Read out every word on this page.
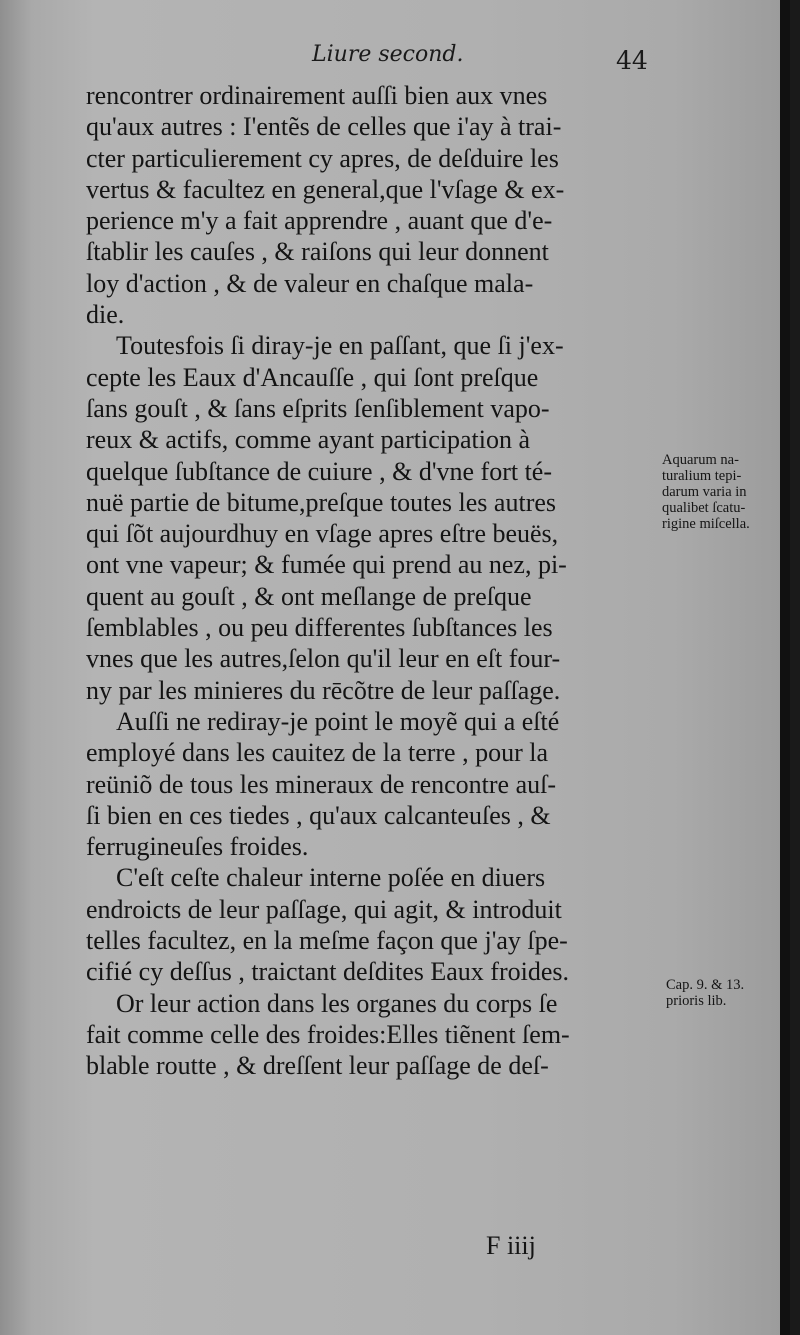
Liure second.	44
rencontrer ordinairement auſſi bien aux vnes
qu'aux autres : I'entẽs de celles que i'ay à trai-
cter particulierement cy apres, de deſduire les
vertus & facultez en general,que l'vſage & ex-
perience m'y a fait apprendre , auant que d'e-
ſtablir les cauſes , & raiſons qui leur donnent
loy d'action , & de valeur en chaſque mala-
die.
Toutesfois ſi diray-je en paſſant, que ſi j'ex-
cepte les Eaux d'Ancauſſe , qui ſont preſque
ſans gouſt , & ſans eſprits ſenſiblement vapo-
reux & actifs, comme ayant participation à
quelque ſubſtance de cuiure , & d'vne fort té-
nuë partie de bitume,preſque toutes les autres
qui ſõt aujourdhuy en vſage apres eſtre beuës,
ont vne vapeur; & fumée qui prend au nez, pi-
quent au gouſt , & ont meſlange de preſque
ſemblables , ou peu differentes ſubſtances les
vnes que les autres,ſelon qu'il leur en eſt four-
ny par les minieres du rēcõtre de leur paſſage.
Auſſi ne rediray-je point le moyẽ qui a eſté
employé dans les cauitez de la terre , pour la
reüniõ de tous les mineraux de rencontre auſ-
ſi bien en ces tiedes , qu'aux calcanteuſes , &
ferrugineuſes froides.
C'eſt ceſte chaleur interne poſée en diuers
endroicts de leur paſſage, qui agit, & introduit
telles facultez, en la meſme façon que j'ay ſpe-
cifié cy deſſus , traictant deſdites Eaux froides.
Or leur action dans les organes du corps ſe
fait comme celle des froides:Elles tiẽnent ſem-
blable routte , & dreſſent leur paſſage de deſ-
Aquarum na-
turalium tepi-
darum varia in
qualibet ſcatu-
rigine miſcella.
Cap. 9. & 13.
prioris lib.
F iiij
